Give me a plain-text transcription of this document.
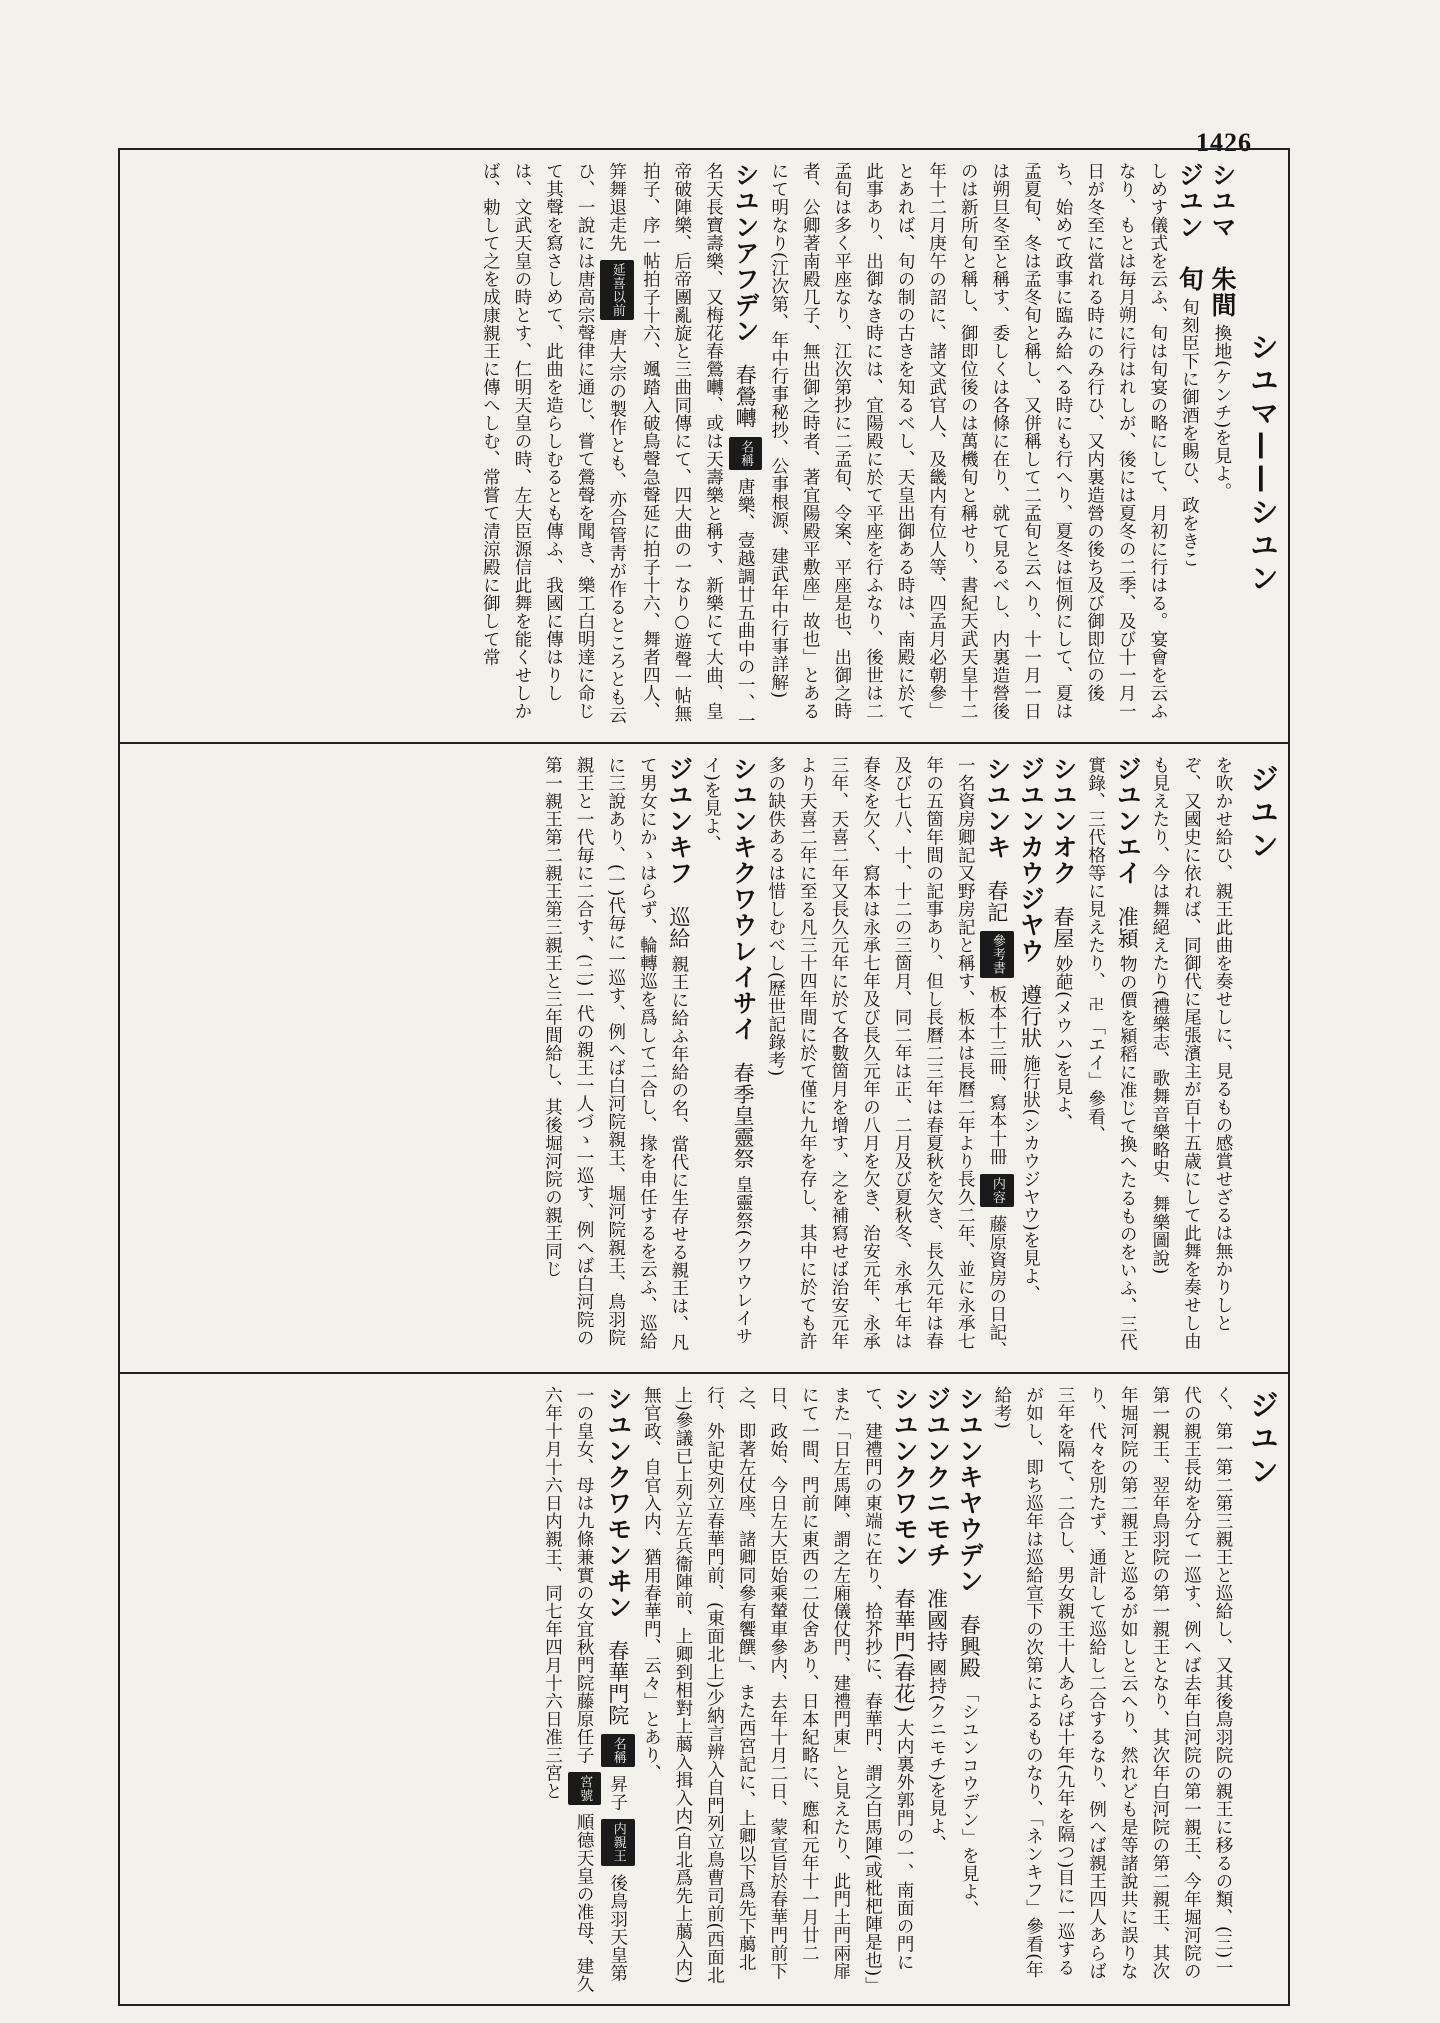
1426
シユマ——シユン
シユマ　朱間 換地(ケンチ)を見よ。
ジユン　旬 旬刻臣下に御酒を賜ひ、政をきこ
しめす儀式を云ふ、旬は旬宴の略にして、月初に行はる。宴會を云ふなり、もとは毎月朔に行はれしが、後には夏冬の二季、及び十一月一日が冬至に當れる時にのみ行ひ、又内裏造營の後ち及び御即位の後ち、始めて政事に臨み給へる時にも行へり、夏冬は恒例にして、夏は孟夏旬、冬は孟冬旬と稱し、又併稱して二孟旬と云へり、十一月一日は朔旦冬至と稱す、委しくは各條に在り、就て見るべし、内裏造營後のは新所旬と稱し、御即位後のは萬機旬と稱せり、書紀天武天皇十二年十二月庚午の詔に、諸文武官人、及畿内有位人等、四孟月必朝參」とあれば、旬の制の古きを知るべし、天皇出御ある時は、南殿に於て此事あり、出御なき時には、宜陽殿に於て平座を行ふなり、後世は二孟旬は多く平座なり、江次第抄に二孟旬、令案、平座是也、出御之時者、公卿著南殿几子、無出御之時者、著宜陽殿平敷座」故也」とあるにて明なり(江次第、年中行事秘抄、公事根源、建武年中行事詳解)
シユンアフデン 春鶯囀 名稱 唐樂、壹越調廿五曲中の一、一名天長寶壽樂、又梅花春鶯囀、或は天壽樂と稱す、新樂にて大曲、皇帝破陣樂、后帝團亂旋と三曲同傳にて、四大曲の一なり○遊聲一帖無拍子、序一帖拍子十六、颯踏入破鳥聲急聲延に拍子十六、舞者四人、笄舞退走先 延喜以前 唐大宗の製作とも、亦合管靑が作るところとも云ひ、一說には唐高宗聲律に通じ、嘗て鶯聲を聞き、樂工白明達に命じて其聲を寫さしめて、此曲を造らしむるとも傳ふ、我國に傳はりしは、文武天皇の時とす、仁明天皇の時、左大臣源信此舞を能くせしかば、勅して之を成康親王に傳へしむ、常嘗て清涼殿に御して常
ジユン
を吹かせ給ひ、親王此曲を奏せしに、見るもの感賞せざるは無かりしとぞ、又國史に依れば、同御代に尾張濱主が百十五歳にして此舞を奏せし由も見えたり、今は舞絕えたり(禮樂志、歌舞音樂略史、舞樂圖說)
ジユンエイ 准潁 物の價を潁稻に准じて換へたるものをいふ、三代實錄、三代格等に見えたり、 卍 「エイ」參看、
シユンオク 春屋 妙葩(メウハ)を見よ、
ジユンカウジヤウ 遵行狀 施行狀(シカウジヤウ)を見よ、
シユンキ 春記 參考書 板本十三冊、寫本十冊 内容 藤原資房の日記、一名資房卿記又野房記と稱す、板本は長曆二年より長久二年、並に永承七年の五箇年間の記事あり、但し長曆二三年は春夏秋を欠き、長久元年は春及び七八、十、十二の三箇月、同二年は正、二月及び夏秋冬、永承七年は春冬を欠く、寫本は永承七年及び長久元年の八月を欠き、治安元年、永承三年、天喜二年又長久元年に於て各數箇月を增す、之を補寫せば治安元年より天喜二年に至る凡三十四年間に於て僅に九年を存し、其中に於ても許多の缺佚あるは惜しむべし(歷世記錄考)
シユンキクワウレイサイ 春季皇靈祭 皇靈祭(クワウレイサイ)を見よ、
ジユンキフ 巡給 親王に給ふ年給の名、當代に生存せる親王は、凡て男女にかゝはらず、輪轉巡を爲して二合し、掾を申任するを云ふ、巡給に三說あり、(一)代毎に一巡す、例へば白河院親王、堀河院親王、鳥羽院親王と一代毎に二合す、(二)一代の親王一人づゝ一巡す、例へば白河院の第一親王第二親王第三親王と三年間給し、其後堀河院の親王同じ
ジユン
く、第一第二第三親王と巡給し、又其後鳥羽院の親王に移るの類、(三)一代の親王長幼を分て一巡す、例へば去年白河院の第一親王、今年堀河院の第一親王、翌年鳥羽院の第一親王となり、其次年白河院の第二親王、其次年堀河院の第二親王と巡るが如しと云へり、然れども是等諸說共に誤りなり、代々を別たず、通計して巡給し二合するなり、例へば親王四人あらば三年を隔て、二合し、男女親王十人あらば十年(九年を隔つ)目に一巡するが如し、即ち巡年は巡給宣下の次第によるものなり、「ネンキフ」參看(年給考)
シユンキヤウデン 春興殿 「シユンコウデン」を見よ、
ジユンクニモチ 准國持 國持(クニモチ)を見よ、
シユンクワモン 春華門(春花) 大内裏外郭門の一、南面の門にて、建禮門の東端に在り、拾芥抄に、春華門、謂之白馬陣(或枇杷陣是也)」また「日左馬陣、謂之左廂儀仗門、建禮門東」と見えたり、此門土門兩扉にて一間、門前に東西の二仗舍あり、日本紀略に、應和元年十一月廿二日、政始、今日左大臣始乘輦車參内、去年十月二日、蒙宣旨於春華門前下之、即著左仗座、諸卿同參有饗饌」、また西宮記に、上卿以下爲先下﨟北行、外記史列立春華門前、(東面北上)少納言辨入自門列立鳥曹司前(西面北上)參議已上列立左兵衞陣前、上卿到相對上﨟入揖入内(自北爲先上﨟入内)無官政、自官入内、猶用春華門、云々」とあり、
シユンクワモンヰン 春華門院 名稱 昇子 内親王 後鳥羽天皇第一の皇女、母は九條兼實の女宜秋門院藤原任子 宮號 順德天皇の准母、建久六年十月十六日内親王、同七年四月十六日准三宮と
